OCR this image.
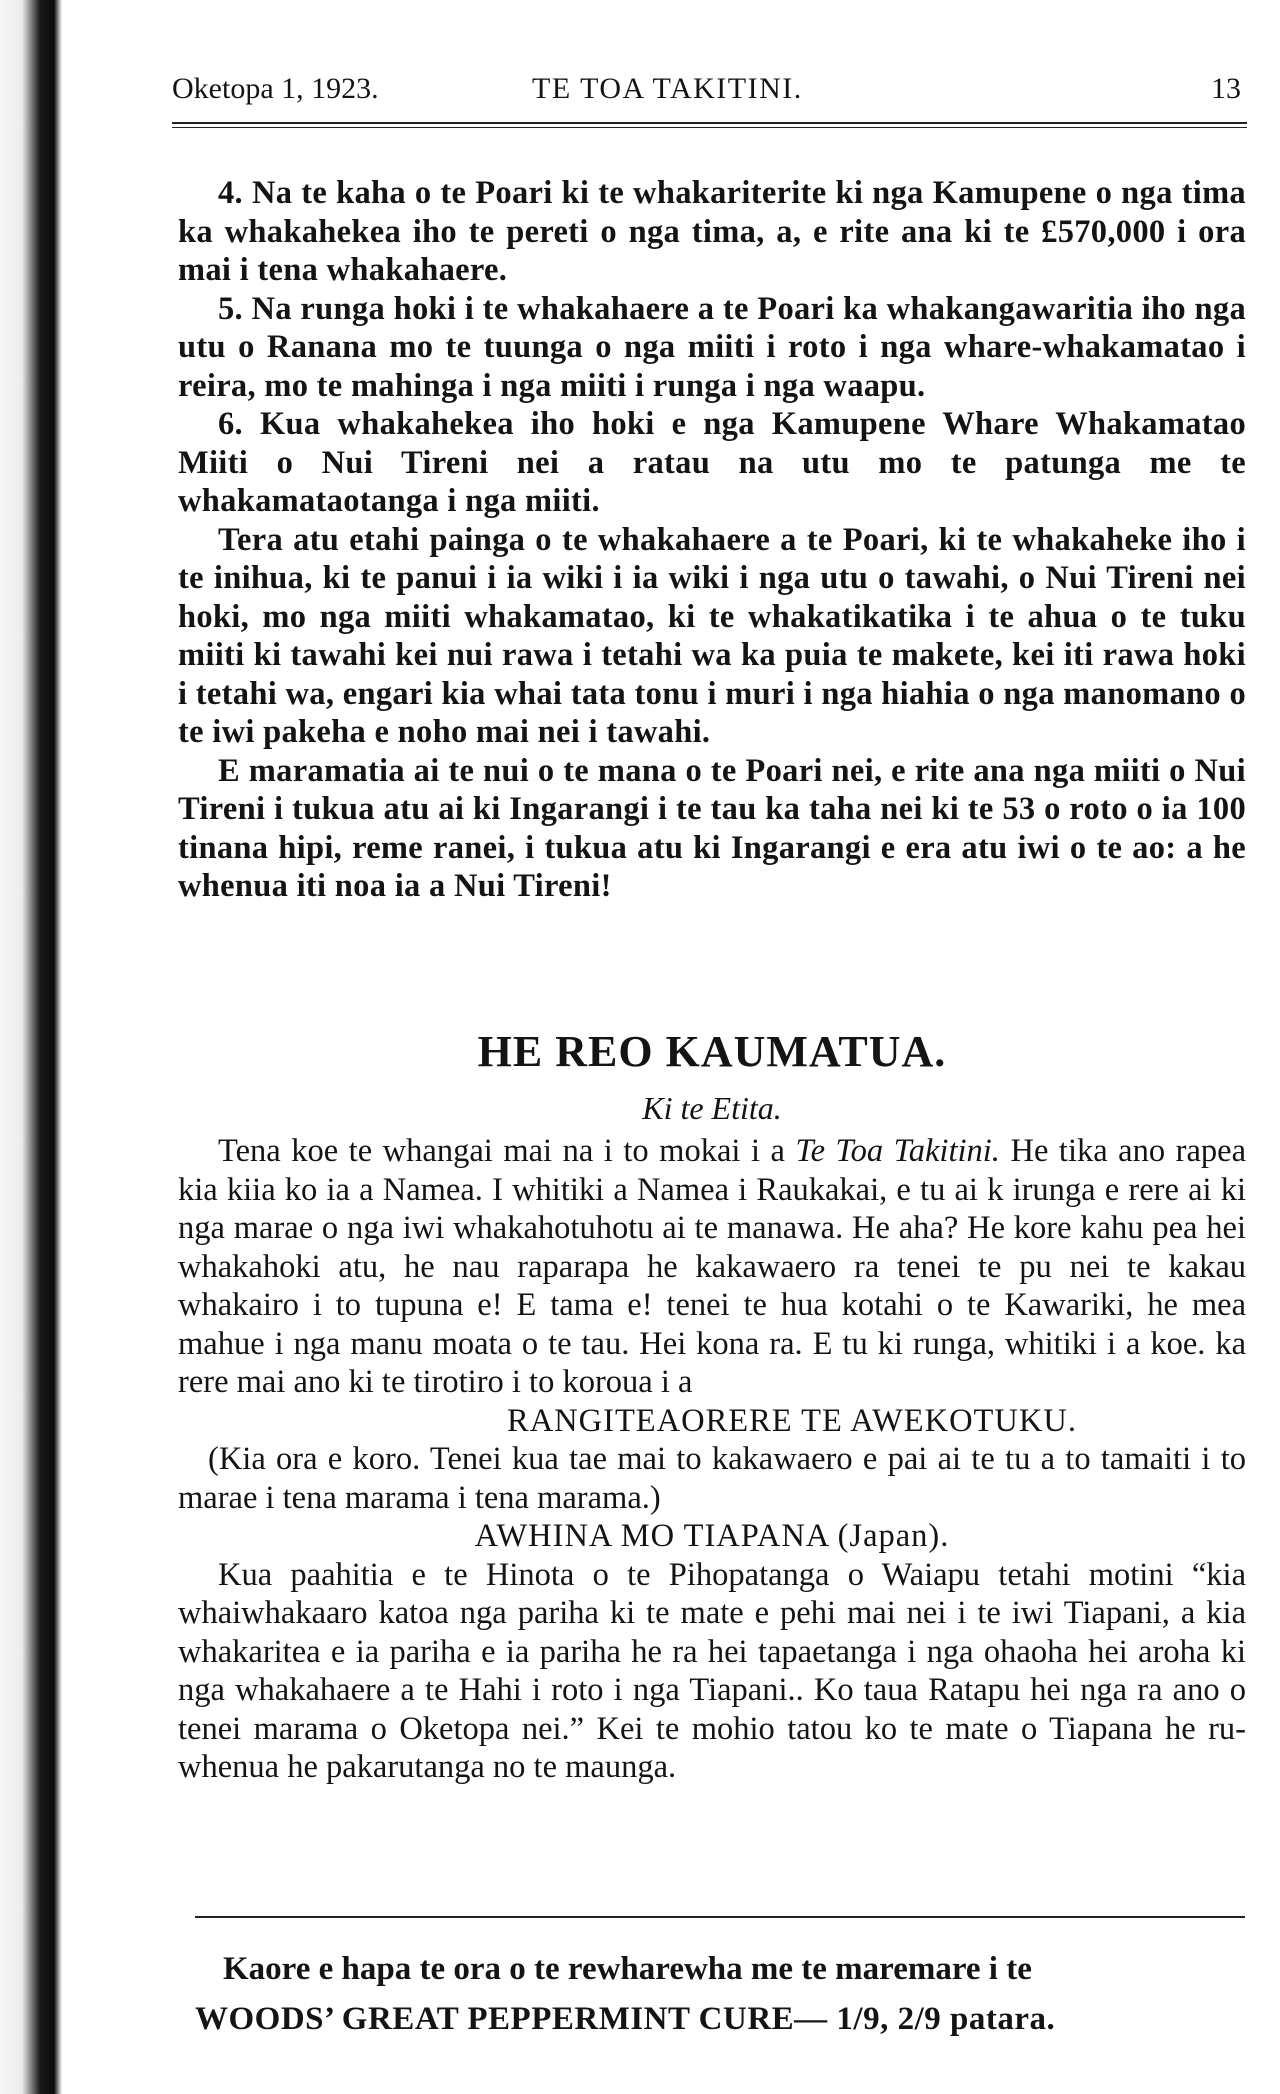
Oketopa 1, 1923.	TE TOA TAKITINI.	13

4. Na te kaha o te Poari ki te whakariterite ki nga Kamupene o nga tima ka whakahekea iho te pereti o nga tima, a, e rite ana ki te £570,000 i ora mai i tena whakahaere.

5. Na runga hoki i te whakahaere a te Poari ka whakangawaritia iho nga utu o Ranana mo te tuunga o nga miiti i roto i nga whare-whakamatao i reira, mo te mahinga i nga miiti i runga i nga waapu.

6. Kua whakahekea iho hoki e nga Kamupene Whare Whakamatao Miiti o Nui Tireni nei a ratau na utu mo te patunga me te whakamataotanga i nga miiti.

Tera atu etahi painga o te whakahaere a te Poari, ki te whakaheke iho i te inihua, ki te panui i ia wiki i ia wiki i nga utu o tawahi, o Nui Tireni nei hoki, mo nga miiti whakamatao, ki te whakatikatika i te ahua o te tuku miiti ki tawahi kei nui rawa i tetahi wa ka puia te makete, kei iti rawa hoki i tetahi wa, engari kia whai tata tonu i muri i nga hiahia o nga manomano o te iwi pakeha e noho mai nei i tawahi.

E maramatia ai te nui o te mana o te Poari nei, e rite ana nga miiti o Nui Tireni i tukua atu ai ki Ingarangi i te tau ka taha nei ki te 53 o roto o ia 100 tinana hipi, reme ranei, i tukua atu ki Ingarangi e era atu iwi o te ao: a he whenua iti noa ia a Nui Tireni!

HE REO KAUMATUA.
Ki te Etita.

Tena koe te whangai mai na i to mokai i a Te Toa Takitini. He tika ano rapea kia kiia ko ia a Namea. I whitiki a Namea i Raukakai, e tu ai k irunga e rere ai ki nga marae o nga iwi whakahotuhotu ai te manawa. He aha? He kore kahu pea hei whakahoki atu, he nau raparapa he kakawaero ra tenei te pu nei te kakau whakairo i to tupuna e! E tama e! tenei te hua kotahi o te Kawariki, he mea mahue i nga manu moata o te tau. Hei kona ra. E tu ki runga, whitiki i a koe. ka rere mai ano ki te tirotiro i to koroua i a

RANGITEAORERE TE AWEKOTUKU.

(Kia ora e koro. Tenei kua tae mai to kakawaero e pai ai te tu a to tamaiti i to marae i tena marama i tena marama.)

AWHINA MO TIAPANA (Japan).

Kua paahitia e te Hinota o te Pihopatanga o Waiapu tetahi motini “kia whaiwhakaaro katoa nga pariha ki te mate e pehi mai nei i te iwi Tiapani, a kia whakaritea e ia pariha e ia pariha he ra hei tapaetanga i nga ohaoha hei aroha ki nga whakahaere a te Hahi i roto i nga Tiapani.. Ko taua Ratapu hei nga ra ano o tenei marama o Oketopa nei.” Kei te mohio tatou ko te mate o Tiapana he ru-whenua he pakarutanga no te maunga.

Kaore e hapa te ora o te rewharewha me te maremare i te
WOODS’ GREAT PEPPERMINT CURE— 1/9, 2/9 patara.
